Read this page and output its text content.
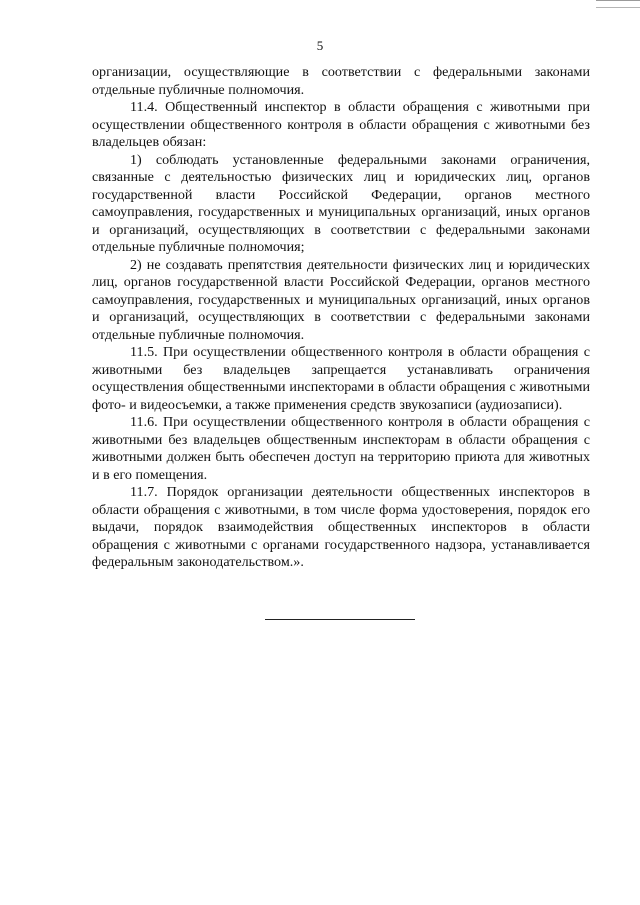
5

организации, осуществляющие в соответствии с федеральными законами отдельные публичные полномочия.

11.4. Общественный инспектор в области обращения с животными при осуществлении общественного контроля в области обращения с животными без владельцев обязан:

1) соблюдать установленные федеральными законами ограничения, связанные с деятельностью физических лиц и юридических лиц, органов государственной власти Российской Федерации, органов местного самоуправления, государственных и муниципальных организаций, иных органов и организаций, осуществляющих в соответствии с федеральными законами отдельные публичные полномочия;

2) не создавать препятствия деятельности физических лиц и юридических лиц, органов государственной власти Российской Федерации, органов местного самоуправления, государственных и муниципальных организаций, иных органов и организаций, осуществляющих в соответствии с федеральными законами отдельные публичные полномочия.

11.5. При осуществлении общественного контроля в области обращения с животными без владельцев запрещается устанавливать ограничения осуществления общественными инспекторами в области обращения с животными фото- и видеосъемки, а также применения средств звукозаписи (аудиозаписи).

11.6. При осуществлении общественного контроля в области обращения с животными без владельцев общественным инспекторам в области обращения с животными должен быть обеспечен доступ на территорию приюта для животных и в его помещения.

11.7. Порядок организации деятельности общественных инспекторов в области обращения с животными, в том числе форма удостоверения, порядок его выдачи, порядок взаимодействия общественных инспекторов в области обращения с животными с органами государственного надзора, устанавливается федеральным законодательством.».
